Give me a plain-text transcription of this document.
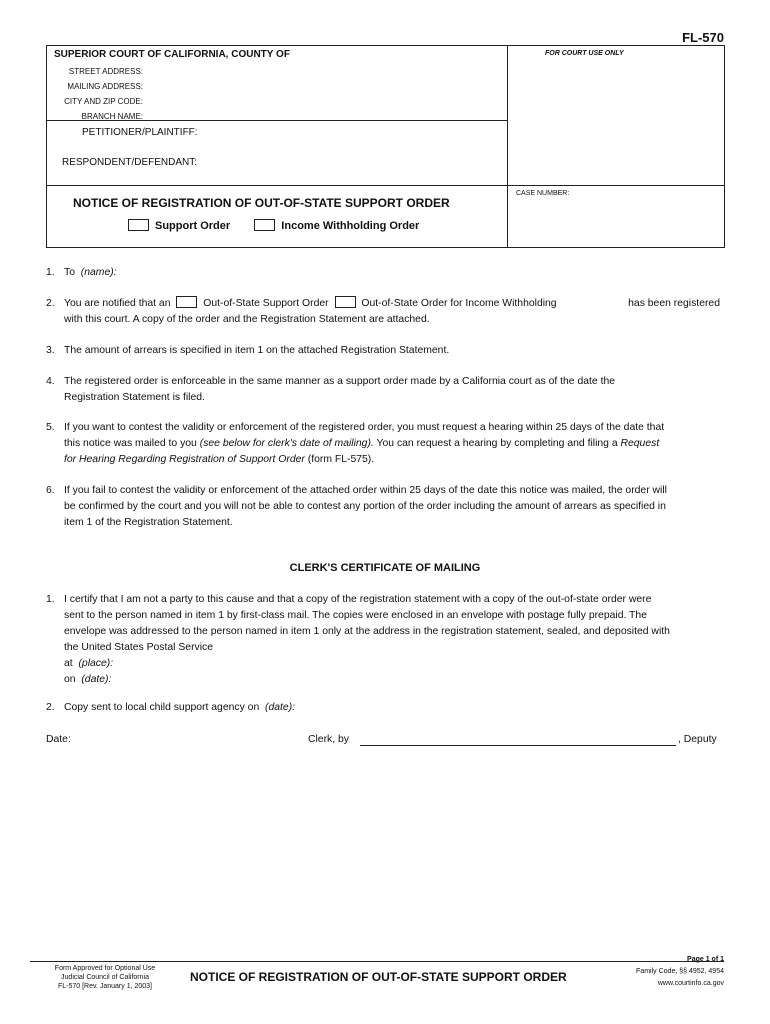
FL-570
SUPERIOR COURT OF CALIFORNIA, COUNTY OF	FOR COURT USE ONLY
STREET ADDRESS:
MAILING ADDRESS:
CITY AND ZIP CODE:
BRANCH NAME:
PETITIONER/PLAINTIFF:
RESPONDENT/DEFENDANT:
NOTICE OF REGISTRATION OF OUT-OF-STATE SUPPORT ORDER
Support Order	Income Withholding Order
CASE NUMBER:
1. To (name):
2. You are notified that an	Out-of-State Support Order	Out-of-State Order for Income Withholding	has been registered

with this court. A copy of the order and the Registration Statement are attached.
3. The amount of arrears is specified in item 1 on the attached Registration Statement.
4. The registered order is enforceable in the same manner as a support order made by a California court as of the date the
Registration Statement is filed.
5. If you want to contest the validity or enforcement of the registered order, you must request a hearing within 25 days of the date that
this notice was mailed to you (see below for clerk's date of mailing). You can request a hearing by completing and filing a Request
for Hearing Regarding Registration of Support Order (form FL-575).
6. If you fail to contest the validity or enforcement of the attached order within 25 days of the date this notice was mailed, the order will
be confirmed by the court and you will not be able to contest any portion of the order including the amount of arrears as specified in
item 1 of the Registration Statement.
CLERK'S CERTIFICATE OF MAILING
1. I certify that I am not a party to this cause and that a copy of the registration statement with a copy of the out-of-state order were
sent to the person named in item 1 by first-class mail. The copies were enclosed in an envelope with postage fully prepaid. The
envelope was addressed to the person named in item 1 only at the address in the registration statement, sealed, and deposited with
the United States Postal Service
at (place):
on (date):
2. Copy sent to local child support agency on (date):
Date:	Clerk, by	, Deputy
Form Approved for Optional Use
Judicial Council of California
FL-570 [Rev. January 1, 2003]
NOTICE OF REGISTRATION OF OUT-OF-STATE SUPPORT ORDER
Page 1 of 1
Family Code, §§ 4952, 4954
www.courtinfo.ca.gov
